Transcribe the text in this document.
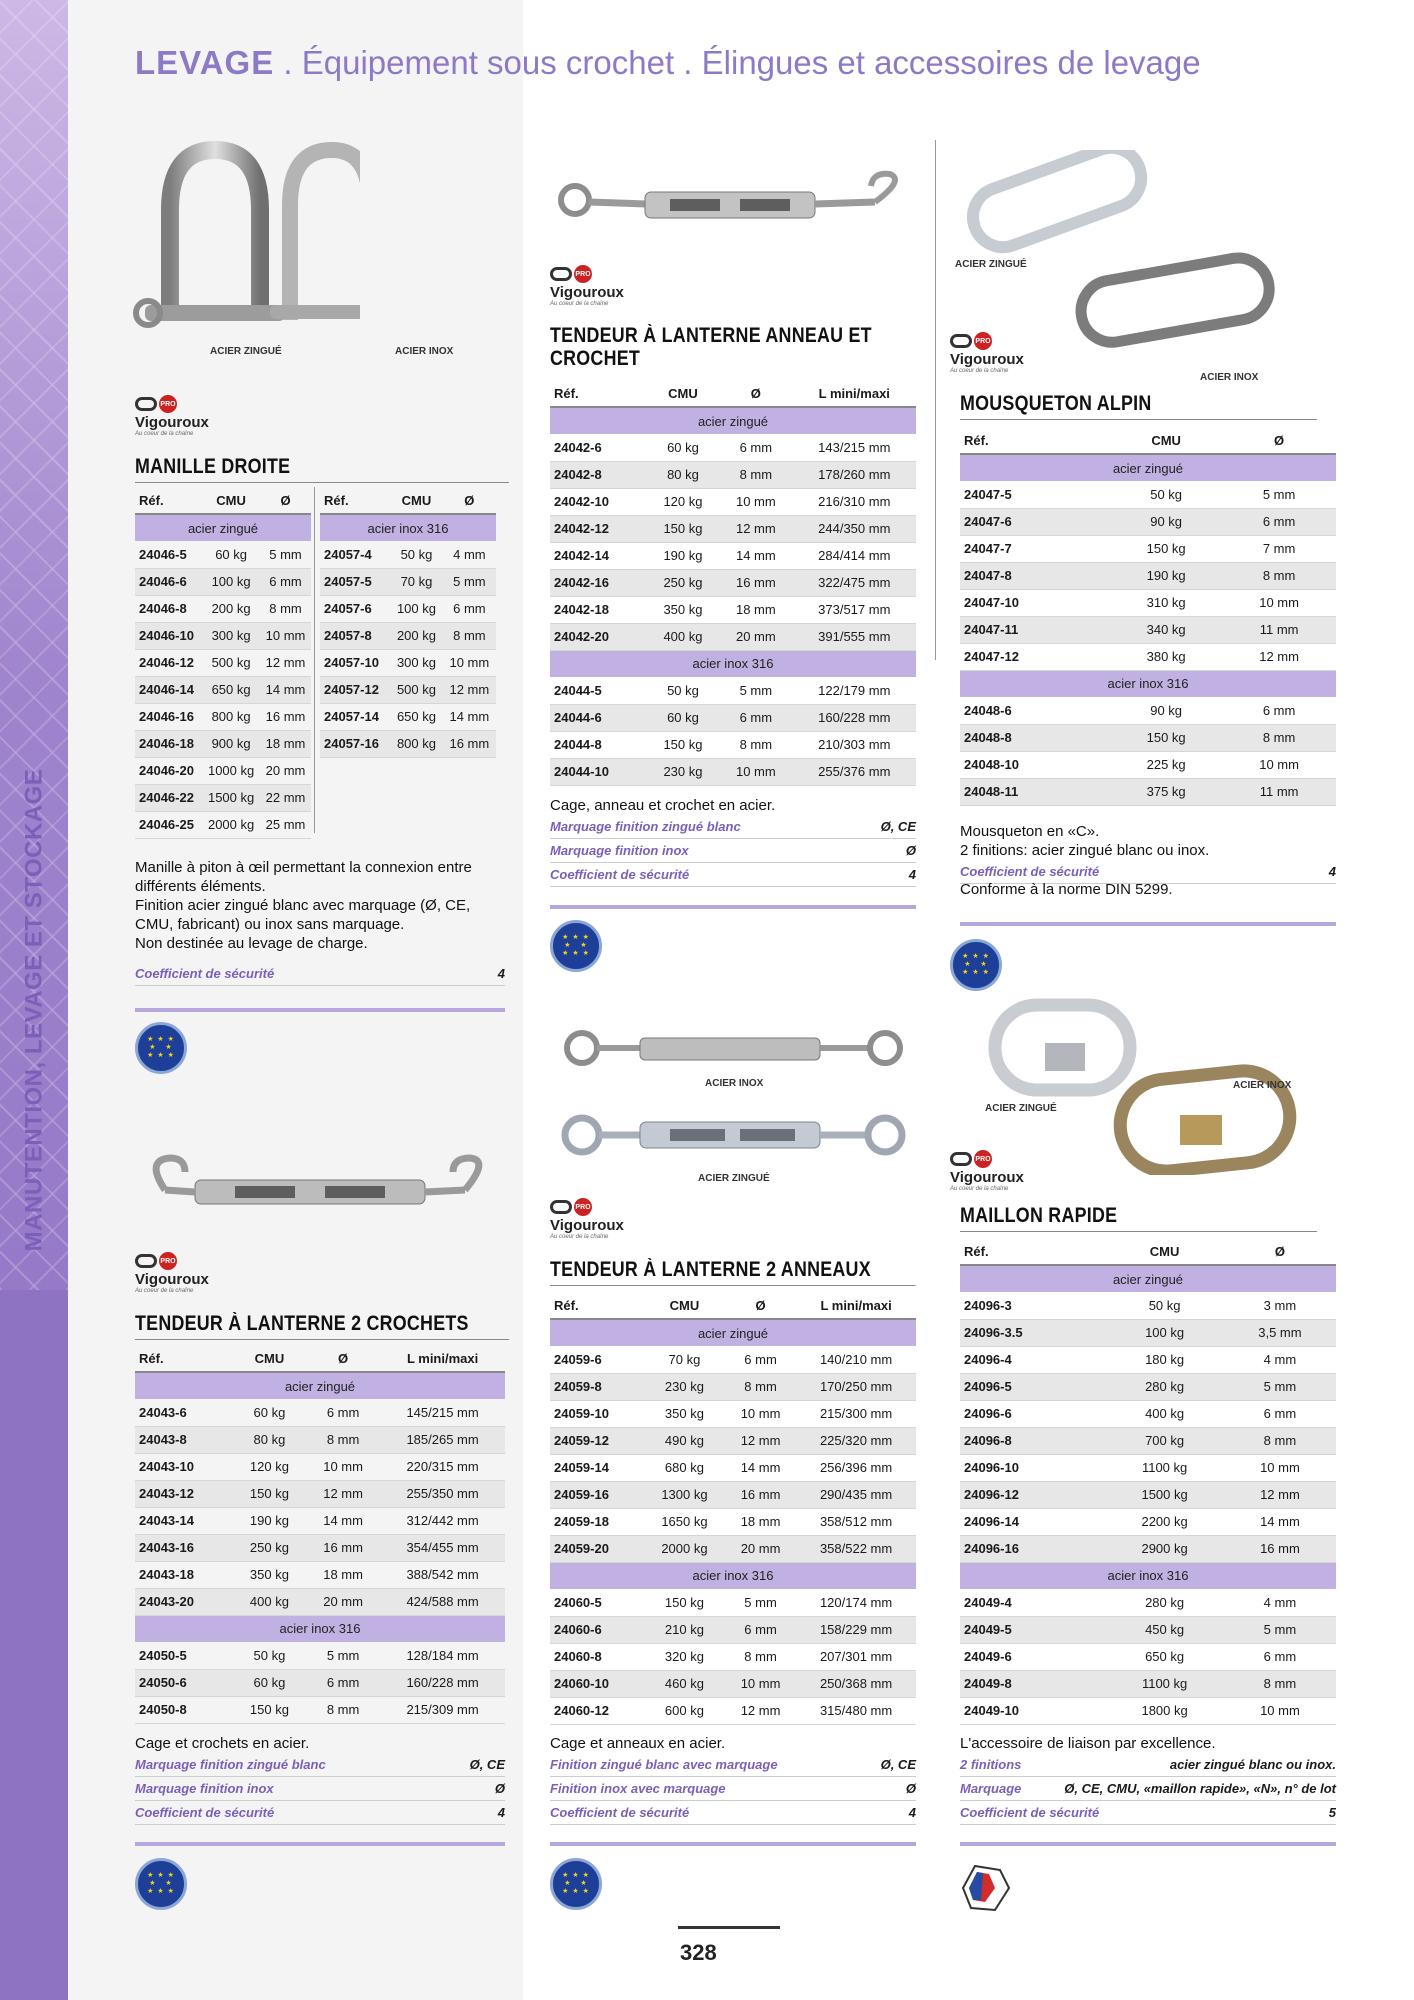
MANUTENTION, LEVAGE ET STOCKAGE
LEVAGE . Équipement sous crochet . Élingues et accessoires de levage
ACIER ZINGUÉ	ACIER INOX
PRO
Vigouroux
Au coeur de la chaîne
MANILLE DROITE
Réf.	CMU	Ø
acier zingué		
24046-5	60 kg	5 mm
24046-6	100 kg	6 mm
24046-8	200 kg	8 mm
24046-10	300 kg	10 mm
24046-12	500 kg	12 mm
24046-14	650 kg	14 mm
24046-16	800 kg	16 mm
24046-18	900 kg	18 mm
24046-20	1000 kg	20 mm
24046-22	1500 kg	22 mm
24046-25	2000 kg	25 mm
Réf.	CMU	Ø
acier inox 316		
24057-4	50 kg	4 mm
24057-5	70 kg	5 mm
24057-6	100 kg	6 mm
24057-8	200 kg	8 mm
24057-10	300 kg	10 mm
24057-12	500 kg	12 mm
24057-14	650 kg	14 mm
24057-16	800 kg	16 mm
Manille à piton à œil permettant la connexion entre différents éléments.
Finition acier zingué blanc avec marquage (Ø, CE, CMU, fabricant) ou inox sans marquage.
Non destinée au levage de charge.
Coefficient de sécurité	4
★ ★ ★
★   ★
★ ★ ★
PRO
Vigouroux
Au coeur de la chaîne
TENDEUR À LANTERNE 2 CROCHETS
Réf.	CMU	Ø	L mini/maxi
acier zingué			
24043-6	60 kg	6 mm	145/215 mm
24043-8	80 kg	8 mm	185/265 mm
24043-10	120 kg	10 mm	220/315 mm
24043-12	150 kg	12 mm	255/350 mm
24043-14	190 kg	14 mm	312/442 mm
24043-16	250 kg	16 mm	354/455 mm
24043-18	350 kg	18 mm	388/542 mm
24043-20	400 kg	20 mm	424/588 mm
acier inox 316			
24050-5	50 kg	5 mm	128/184 mm
24050-6	60 kg	6 mm	160/228 mm
24050-8	150 kg	8 mm	215/309 mm
Cage et crochets en acier.
Marquage finition zingué blanc	Ø, CE
Marquage finition inox	Ø
Coefficient de sécurité	4
★ ★ ★
★   ★
★ ★ ★
PRO
Vigouroux
Au coeur de la chaîne
TENDEUR À LANTERNE ANNEAU ET CROCHET
Réf.	CMU	Ø	L mini/maxi
acier zingué			
24042-6	60 kg	6 mm	143/215 mm
24042-8	80 kg	8 mm	178/260 mm
24042-10	120 kg	10 mm	216/310 mm
24042-12	150 kg	12 mm	244/350 mm
24042-14	190 kg	14 mm	284/414 mm
24042-16	250 kg	16 mm	322/475 mm
24042-18	350 kg	18 mm	373/517 mm
24042-20	400 kg	20 mm	391/555 mm
acier inox 316			
24044-5	50 kg	5 mm	122/179 mm
24044-6	60 kg	6 mm	160/228 mm
24044-8	150 kg	8 mm	210/303 mm
24044-10	230 kg	10 mm	255/376 mm
Cage, anneau et crochet en acier.
Marquage finition zingué blanc	Ø, CE
Marquage finition inox	Ø
Coefficient de sécurité	4
★ ★ ★
★   ★
★ ★ ★
ACIER INOX
ACIER ZINGUÉ
PRO
Vigouroux
Au coeur de la chaîne
TENDEUR À LANTERNE 2 ANNEAUX
Réf.	CMU	Ø	L mini/maxi
acier zingué			
24059-6	70 kg	6 mm	140/210 mm
24059-8	230 kg	8 mm	170/250 mm
24059-10	350 kg	10 mm	215/300 mm
24059-12	490 kg	12 mm	225/320 mm
24059-14	680 kg	14 mm	256/396 mm
24059-16	1300 kg	16 mm	290/435 mm
24059-18	1650 kg	18 mm	358/512 mm
24059-20	2000 kg	20 mm	358/522 mm
acier inox 316			
24060-5	150 kg	5 mm	120/174 mm
24060-6	210 kg	6 mm	158/229 mm
24060-8	320 kg	8 mm	207/301 mm
24060-10	460 kg	10 mm	250/368 mm
24060-12	600 kg	12 mm	315/480 mm
Cage et anneaux en acier.
Finition zingué blanc avec marquage	Ø, CE
Finition inox avec marquage	Ø
Coefficient de sécurité	4
★ ★ ★
★   ★
★ ★ ★
328
ACIER ZINGUÉ
ACIER INOX
PRO
Vigouroux
Au coeur de la chaîne
MOUSQUETON ALPIN
Réf.	CMU	Ø
acier zingué		
24047-5	50 kg	5 mm
24047-6	90 kg	6 mm
24047-7	150 kg	7 mm
24047-8	190 kg	8 mm
24047-10	310 kg	10 mm
24047-11	340 kg	11 mm
24047-12	380 kg	12 mm
acier inox 316		
24048-6	90 kg	6 mm
24048-8	150 kg	8 mm
24048-10	225 kg	10 mm
24048-11	375 kg	11 mm
Mousqueton en «C».
2 finitions: acier zingué blanc ou inox.
Coefficient de sécurité	4
Conforme à la norme DIN 5299.
★ ★ ★
★   ★
★ ★ ★
ACIER INOX
ACIER ZINGUÉ
PRO
Vigouroux
Au coeur de la chaîne
MAILLON RAPIDE
Réf.	CMU	Ø
acier zingué		
24096-3	50 kg	3 mm
24096-3.5	100 kg	3,5 mm
24096-4	180 kg	4 mm
24096-5	280 kg	5 mm
24096-6	400 kg	6 mm
24096-8	700 kg	8 mm
24096-10	1100 kg	10 mm
24096-12	1500 kg	12 mm
24096-14	2200 kg	14 mm
24096-16	2900 kg	16 mm
acier inox 316		
24049-4	280 kg	4 mm
24049-5	450 kg	5 mm
24049-6	650 kg	6 mm
24049-8	1100 kg	8 mm
24049-10	1800 kg	10 mm
L'accessoire de liaison par excellence.
2 finitions	acier zingué blanc ou inox.
Marquage	Ø, CE, CMU, «maillon rapide», «N», n° de lot
Coefficient de sécurité	5
